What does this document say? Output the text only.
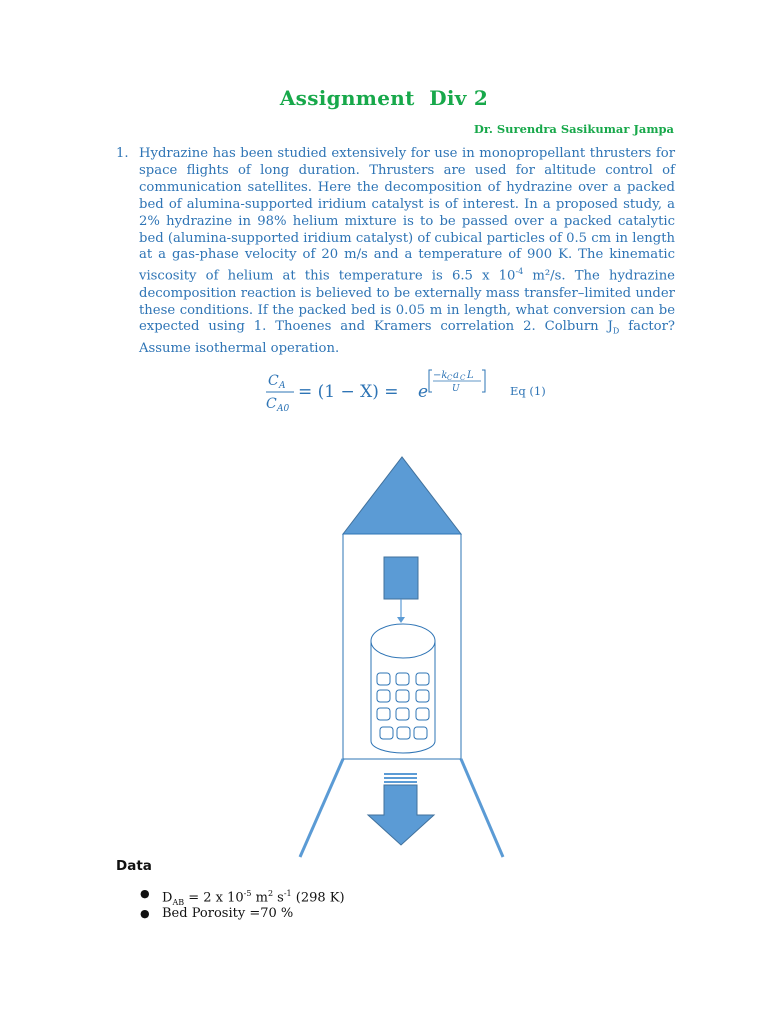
Assignment  Div 2
Dr. Surendra Sasikumar Jampa
1. Hydrazine has been studied extensively for use in monopropellant thrusters for space flights of long duration. Thrusters are used for altitude control of communication satellites. Here the decomposition of hydrazine over a packed bed of alumina-supported iridium catalyst is of interest. In a proposed study, a 2% hydrazine in 98% helium mixture is to be passed over a packed catalytic bed (alumina-supported iridium catalyst) of cubical particles of 0.5 cm in length at a gas-phase velocity of 20 m/s and a temperature of 900 K. The kinematic viscosity of helium at this temperature is 6.5 x $10^{-4}$ m²/s. The hydrazine decomposition reaction is believed to be externally mass transfer–limited under these conditions. If the packed bed is 0.05 m in length, what conversion can be expected using 1. Thoenes and Kramers correlation 2. Colburn $J_D$ factor? Assume isothermal operation.
C A
C A0
= (1 − X) = e
−k C a C L
U	Eq (1)
Data
● $D_{AB} = 2$ x $10^{-5}$ $m^2$ $s^{-1}$ (298 K)
● Bed Porosity =70 %
